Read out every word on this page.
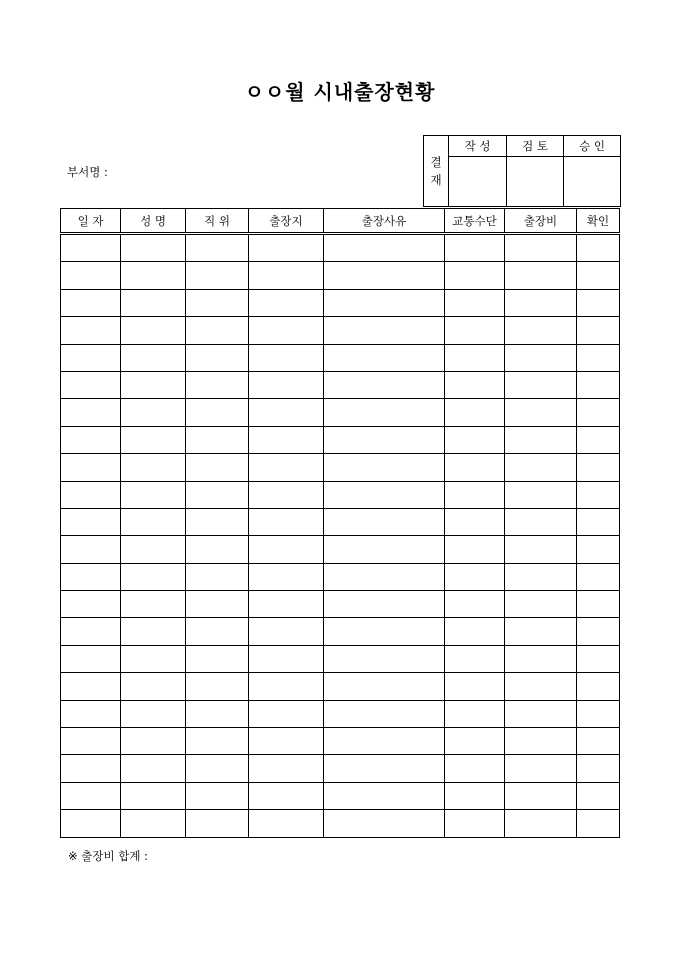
ㅇㅇ월 시내출장현황
부서명 :
결
재	작 성	검 토	승 인

일 자	성 명	직 위	출장지	출장사유	교통수단	출장비	확인

※ 출장비 합계 :
